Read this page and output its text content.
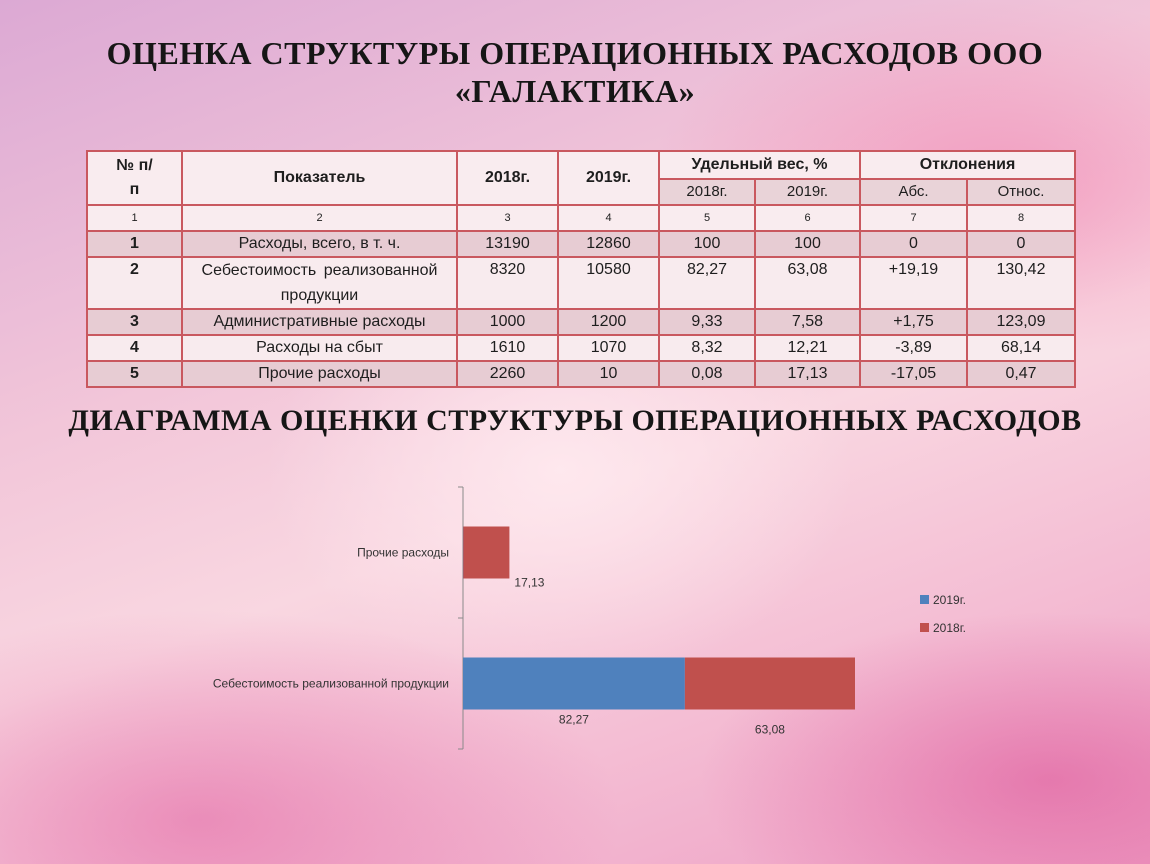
ОЦЕНКА СТРУКТУРЫ ОПЕРАЦИОННЫХ РАСХОДОВ ООО «ГАЛАКТИКА»
№ п/п	Показатель	2018г.	2019г.	Удельный вес, %		Отклонения	
				2018г.	2019г.	Абс.	Относ.
1	2	3	4	5	6	7	8
1	Расходы, всего, в т. ч.	13190	12860	100	100	0	0
2	Себестоимость реализованной продукции	8320	10580	82,27	63,08	+19,19	130,42
3	Административные расходы	1000	1200	9,33	7,58	+1,75	123,09
4	Расходы на сбыт	1610	1070	8,32	12,21	-3,89	68,14
5	Прочие расходы	2260	10	0,08	17,13	-17,05	0,47
ДИАГРАММА ОЦЕНКИ СТРУКТУРЫ ОПЕРАЦИОННЫХ РАСХОДОВ
Себестоимость реализованной продукции
82,27
63,08
Прочие расходы
17,13
2019г.
2018г.
